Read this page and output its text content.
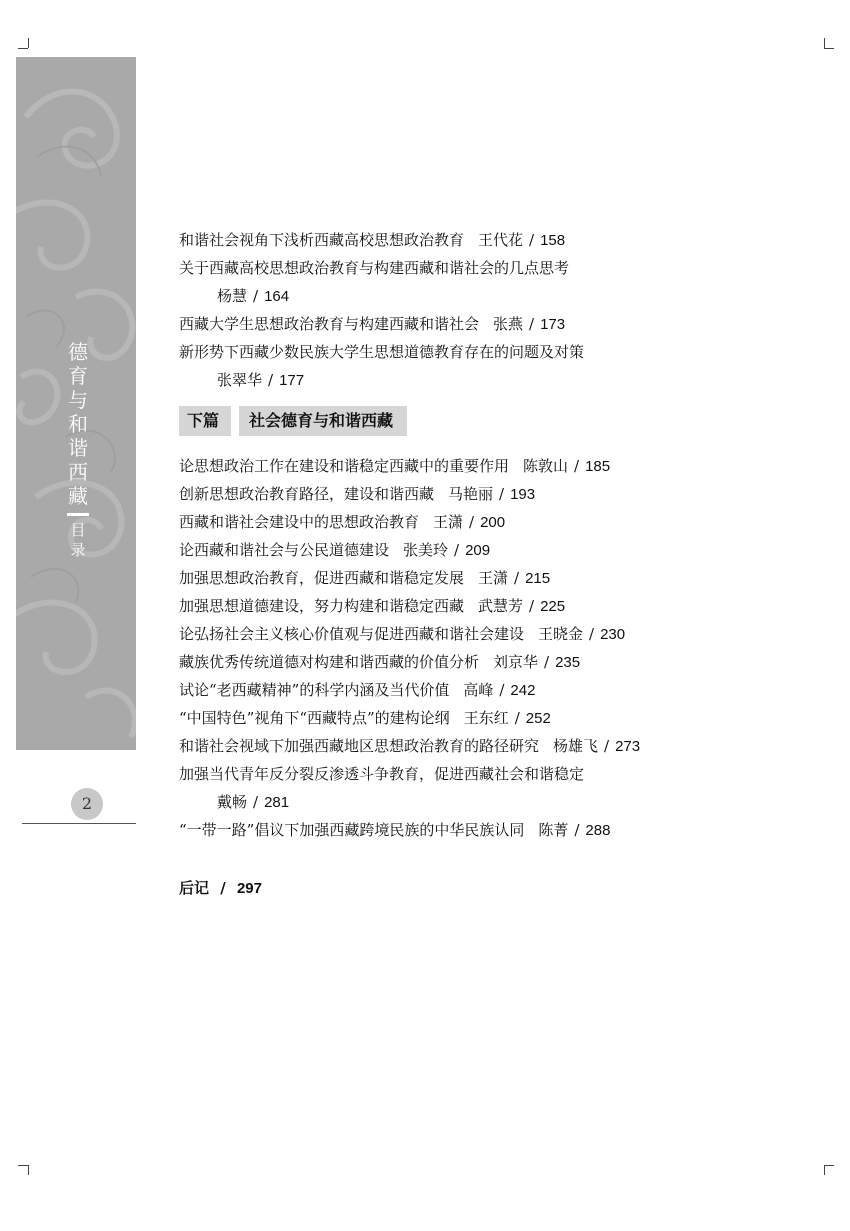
德
育
与
和
谐
西
藏
目
录
2
和谐社会视角下浅析西藏高校思想政治教育 王代花 / 158
关于西藏高校思想政治教育与构建西藏和谐社会的几点思考
杨慧 / 164
西藏大学生思想政治教育与构建西藏和谐社会 张燕 / 173
新形势下西藏少数民族大学生思想道德教育存在的问题及对策
张翠华 / 177
下篇	社会德育与和谐西藏
论思想政治工作在建设和谐稳定西藏中的重要作用 陈敦山 / 185
创新思想政治教育路径，建设和谐西藏 马艳丽 / 193
西藏和谐社会建设中的思想政治教育 王潇 / 200
论西藏和谐社会与公民道德建设 张美玲 / 209
加强思想政治教育，促进西藏和谐稳定发展 王潇 / 215
加强思想道德建设，努力构建和谐稳定西藏 武慧芳 / 225
论弘扬社会主义核心价值观与促进西藏和谐社会建设 王晓金 / 230
藏族优秀传统道德对构建和谐西藏的价值分析 刘京华 / 235
试论“老西藏精神”的科学内涵及当代价值 高峰 / 242
“中国特色”视角下“西藏特点”的建构论纲 王东红 / 252
和谐社会视域下加强西藏地区思想政治教育的路径研究 杨雄飞 / 273
加强当代青年反分裂反渗透斗争教育，促进西藏社会和谐稳定
戴畅 / 281
“一带一路”倡议下加强西藏跨境民族的中华民族认同 陈菁 / 288
后记 / 297
